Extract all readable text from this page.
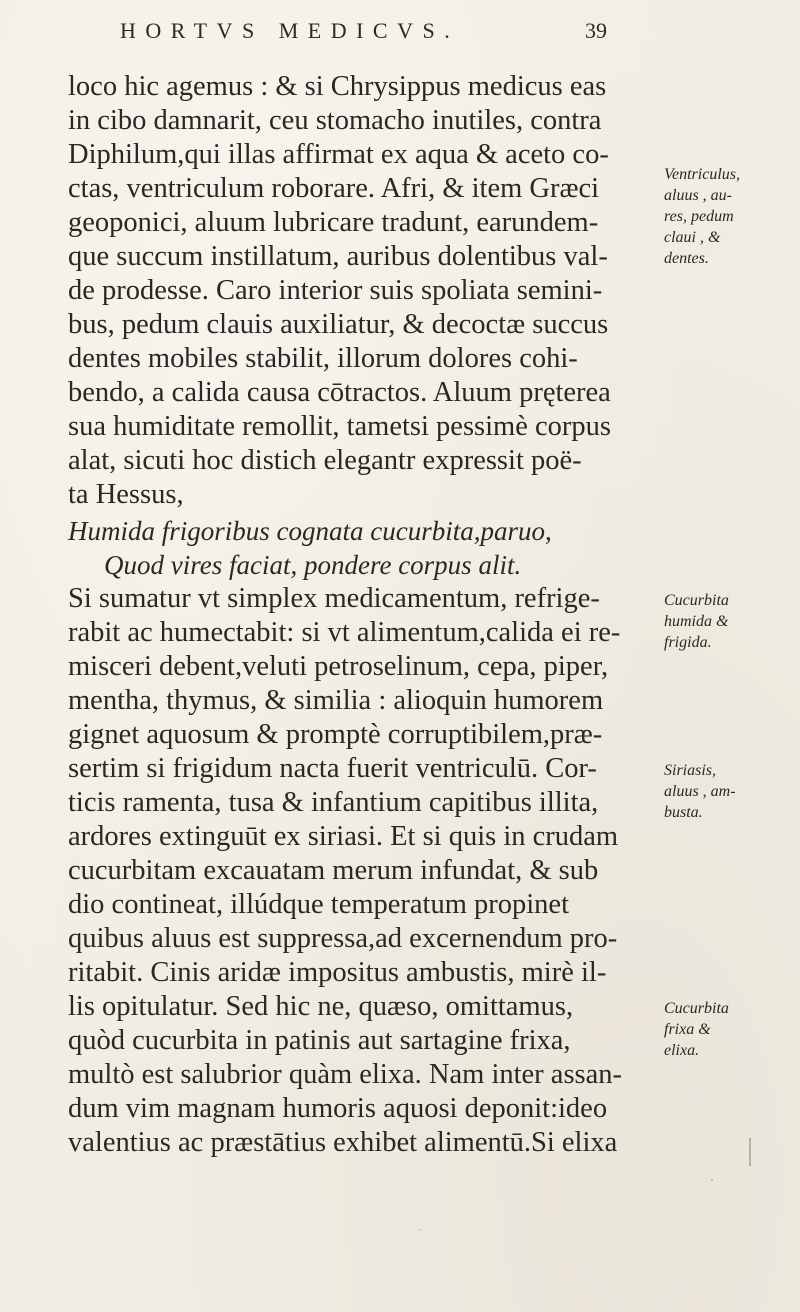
HORTVS MEDICVS.	39
loco hic agemus : & si Chrysippus medicus eas
in cibo damnarit, ceu stomacho inutiles, contra
Diphilum,qui illas affirmat ex aqua & aceto co-
ctas, ventriculum roborare. Afri, & item Græci
geoponici, aluum lubricare tradunt, earundem-
que succum instillatum, auribus dolentibus val-
de prodesse. Caro interior suis spoliata semini-
bus, pedum clauis auxiliatur, & decoctæ succus
dentes mobiles stabilit, illorum dolores cohi-
bendo, a calida causa cōtractos. Aluum prętereа
sua humiditate remollit, tametsi pessimè corpus
alat, sicuti hoc distich elegantr expressit poë-
ta Hessus,
Humida frigoribus cognata cucurbita,paruo,
Quod vires faciat, pondere corpus alit.
Si sumatur vt simplex medicamentum, refrige-
rabit ac humectabit: si vt alimentum,calida ei re-
misceri debent,veluti petroselinum, cepa, piper,
mentha, thymus, & similia : alioquin humorem
gignet aquosum & promptè corruptibilem,præ-
sertim si frigidum nacta fuerit ventriculū. Cor-
ticis ramenta, tusa & infantium capitibus illita,
ardores extinguūt ex siriasi. Et si quis in crudam
cucurbitam excauatam merum infundat, & sub
dio contineat, illúdque temperatum propinet
quibus aluus est suppressa,ad excernendum pro-
ritabit. Cinis aridæ impositus ambustis, mirè il-
lis opitulatur. Sed hic ne, quæso, omittamus,
quòd cucurbita in patinis aut sartagine frixa,
multò est salubrior quàm elixa. Nam inter assan-
dum vim magnam humoris aquosi deponit:ideo
valentius ac præstātius exhibet alimentū.Si elixa
Ventriculus,
aluus , au-
res, pedum
claui , &
dentes.
Cucurbita
humida &
frigida.
Siriasis,
aluus , am-
busta.
Cucurbita
frixa &
elixa.
